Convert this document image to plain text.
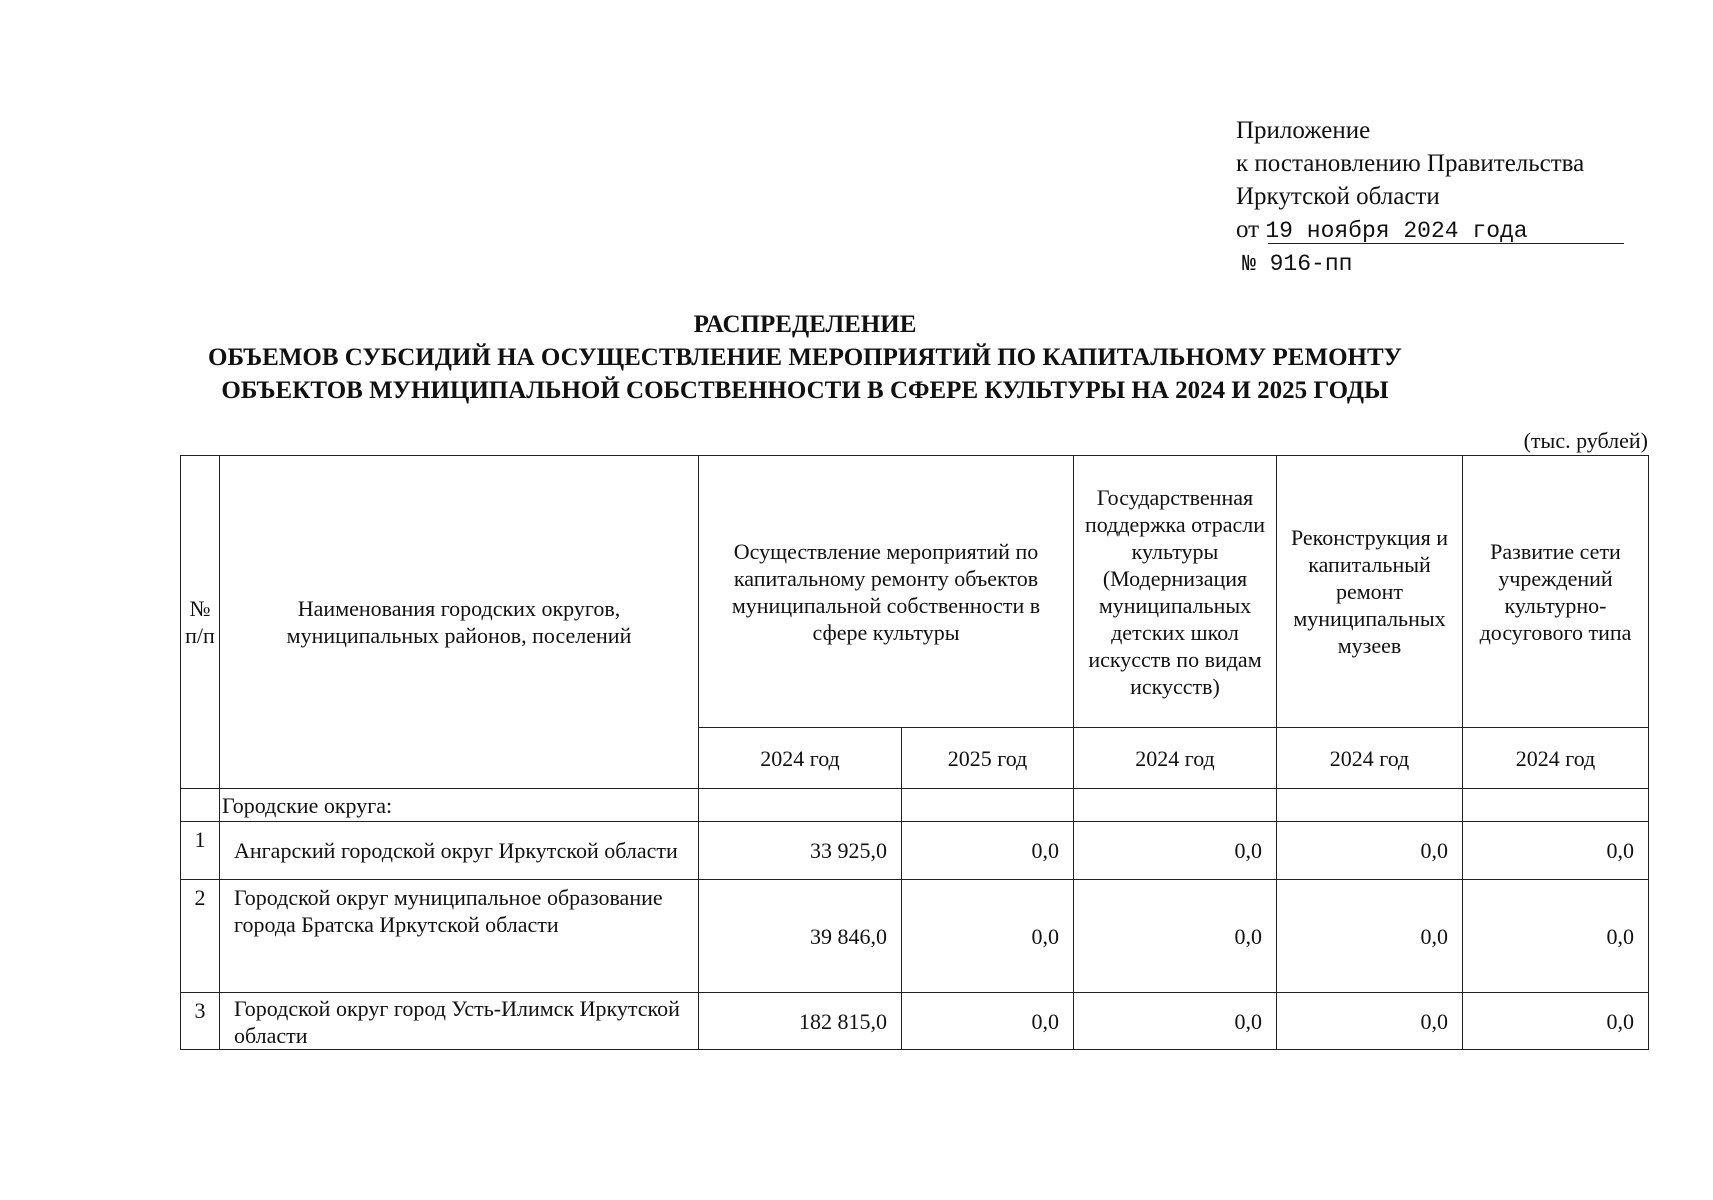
Приложение
к постановлению Правительства
Иркутской области
от 19 ноября 2024 года
№ 916-пп
РАСПРЕДЕЛЕНИЕ
ОБЪЕМОВ СУБСИДИЙ НА ОСУЩЕСТВЛЕНИЕ МЕРОПРИЯТИЙ ПО КАПИТАЛЬНОМУ РЕМОНТУ
ОБЪЕКТОВ МУНИЦИПАЛЬНОЙ СОБСТВЕННОСТИ В СФЕРЕ КУЛЬТУРЫ НА 2024 И 2025 ГОДЫ
(тыс. рублей)
№ п/п	Наименования городских округов, муниципальных районов, поселений	Осуществление мероприятий по капитальному ремонту объектов муниципальной собственности в сфере культуры		Государственная поддержка отрасли культуры (Модернизация муниципальных детских школ искусств по видам искусств)	Реконструкция и капитальный ремонт муниципальных музеев	Развитие сети учреждений культурно-досугового типа
		2024 год	2025 год	2024 год	2024 год	2024 год
	Городские округа:					
1	Ангарский городской округ Иркутской области	33 925,0	0,0	0,0	0,0	0,0
2	Городской округ муниципальное образование города Братска Иркутской области	39 846,0	0,0	0,0	0,0	0,0
3	Городской округ город Усть-Илимск Иркутской области	182 815,0	0,0	0,0	0,0	0,0
